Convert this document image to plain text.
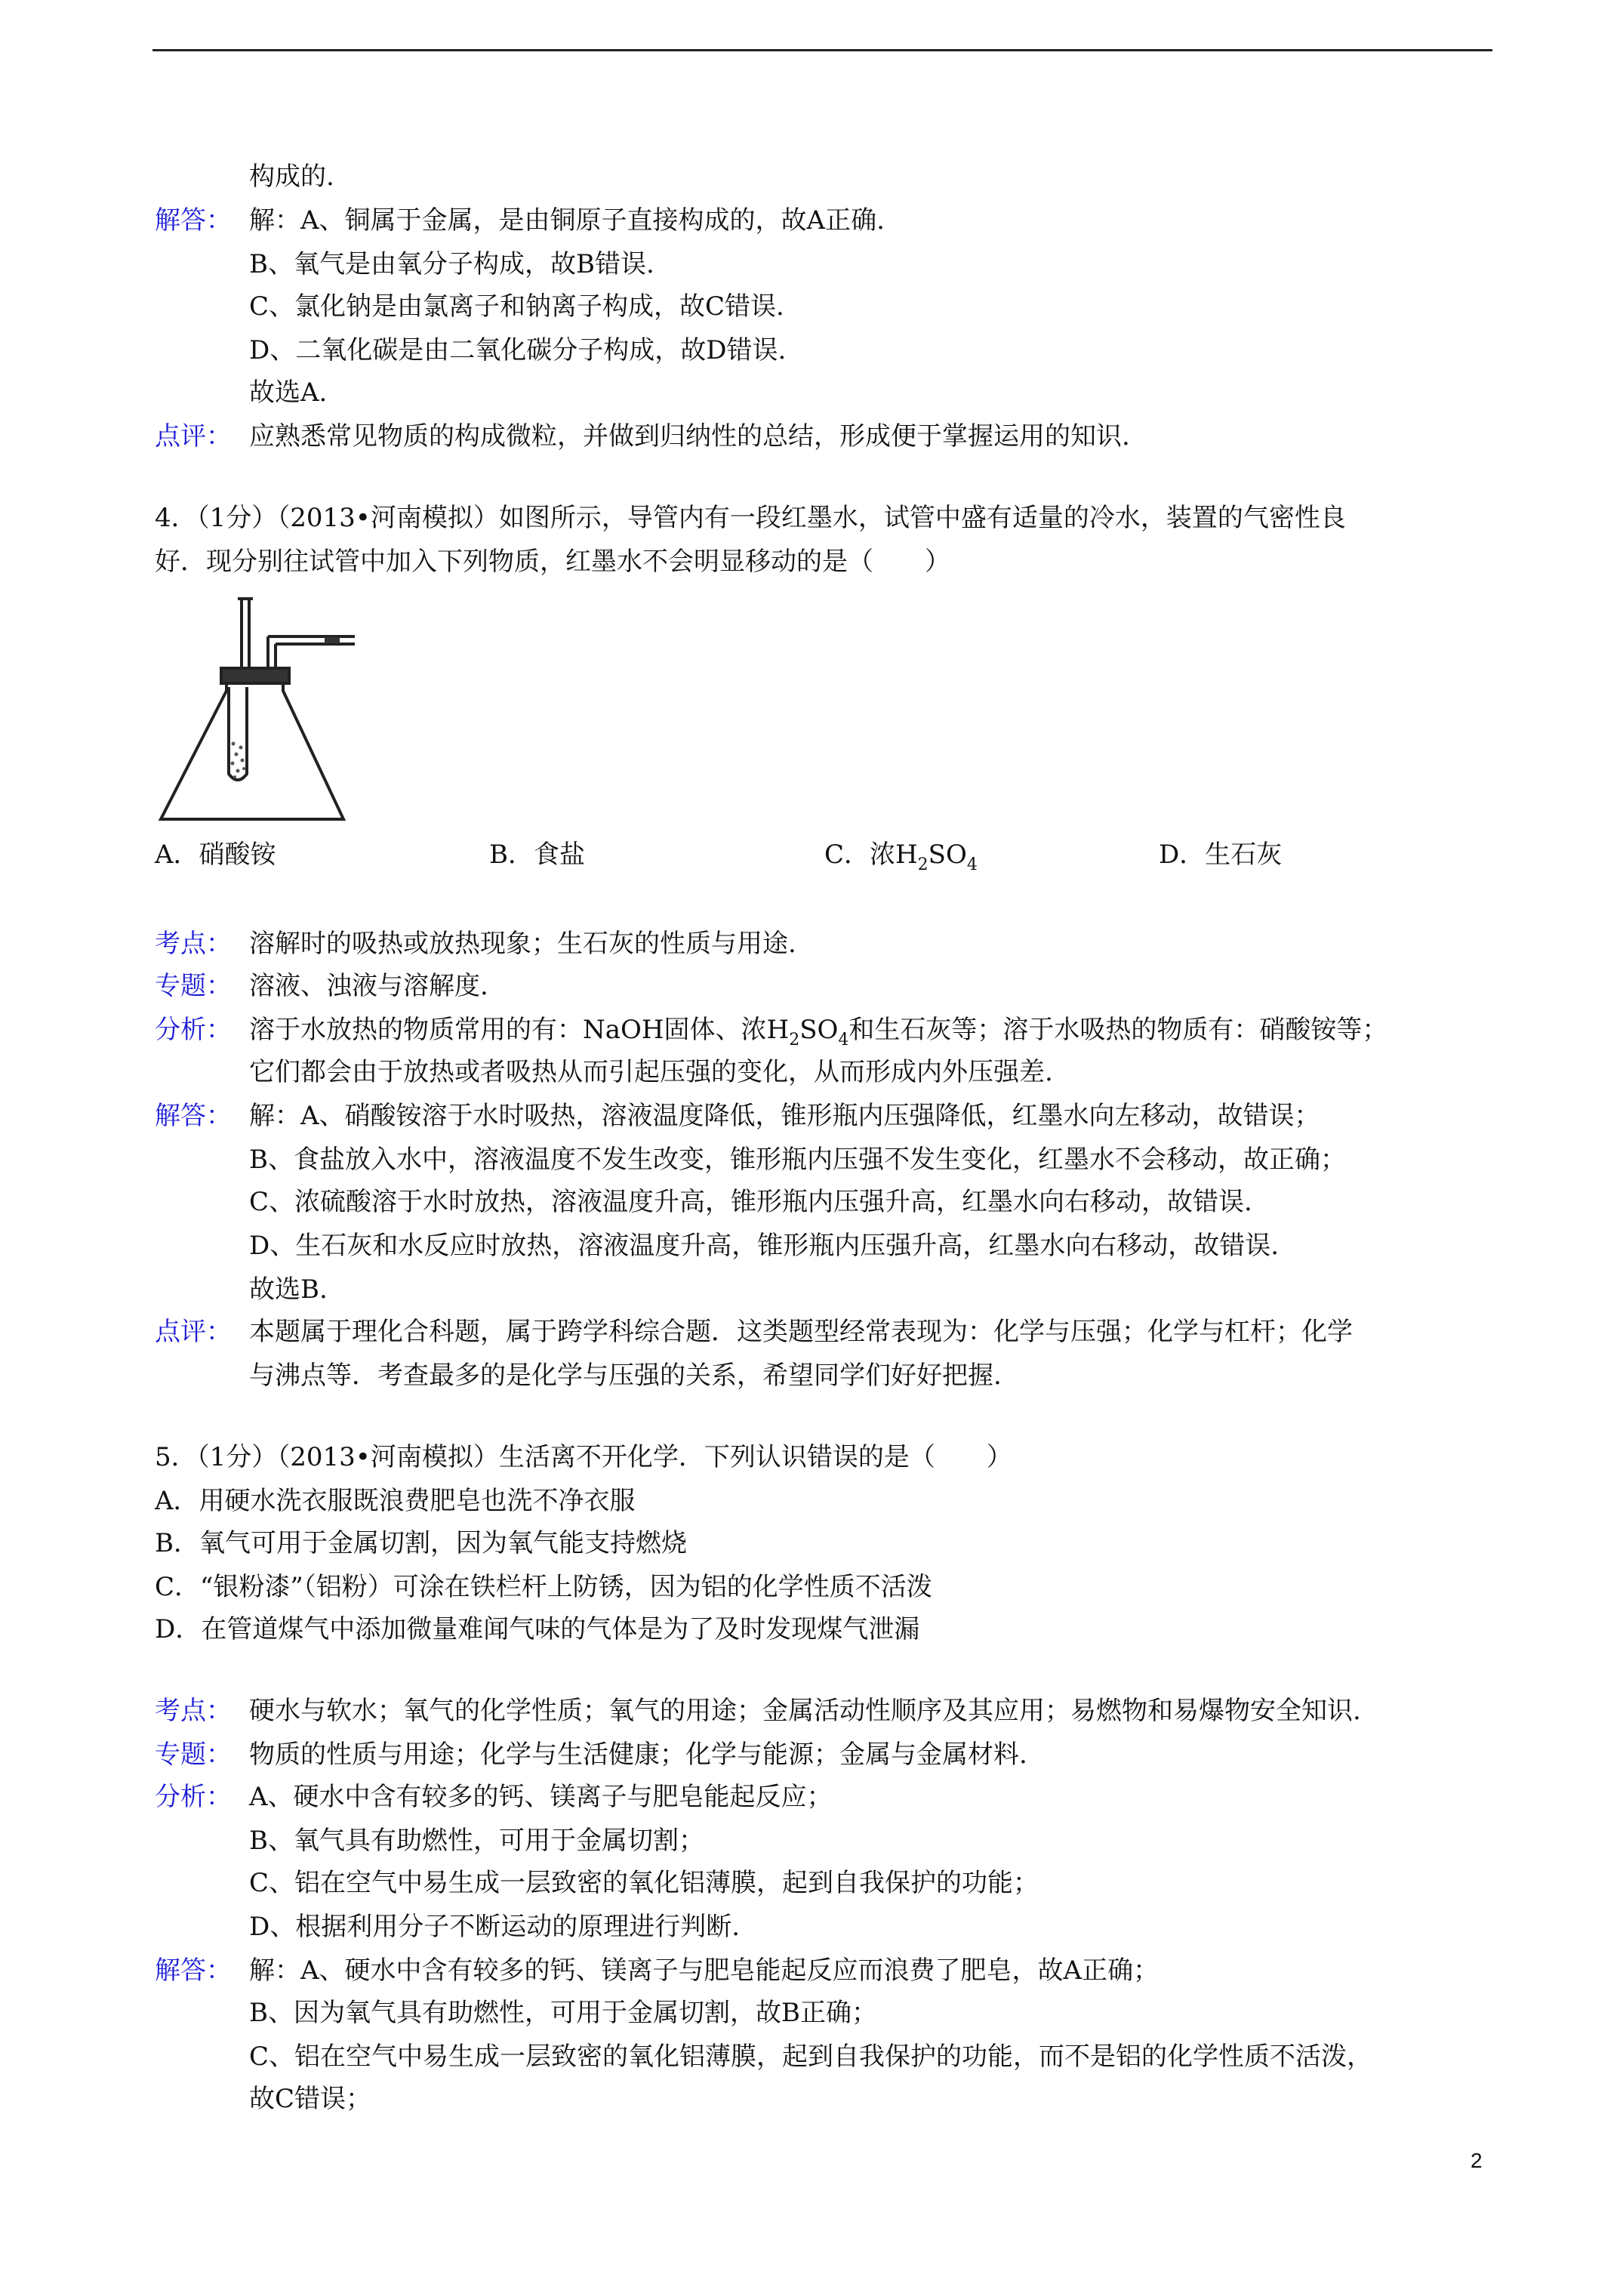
构成的.
解答： 解：A、铜属于金属，是由铜原子直接构成的，故A正确.
B、氧气是由氧分子构成，故B错误.
C、氯化钠是由氯离子和钠离子构成，故C错误.
D、二氧化碳是由二氧化碳分子构成，故D错误.
故选A.
点评： 应熟悉常见物质的构成微粒，并做到归纳性的总结，形成便于掌握运用的知识.
4．（1分）（2013•河南模拟）如图所示，导管内有一段红墨水，试管中盛有适量的冷水，装置的气密性良
好．现分别往试管中加入下列物质，红墨水不会明显移动的是（　　）
A．硝酸铵	B．食盐	C．浓$H_2SO_4$	D．生石灰
考点： 溶解时的吸热或放热现象；生石灰的性质与用途.
专题： 溶液、浊液与溶解度.
分析： 溶于水放热的物质常用的有：NaOH固体、浓$H_2SO_4$和生石灰等；溶于水吸热的物质有：硝酸铵等；
它们都会由于放热或者吸热从而引起压强的变化，从而形成内外压强差.
解答： 解：A、硝酸铵溶于水时吸热，溶液温度降低，锥形瓶内压强降低，红墨水向左移动，故错误；
B、食盐放入水中，溶液温度不发生改变，锥形瓶内压强不发生变化，红墨水不会移动，故正确；
C、浓硫酸溶于水时放热，溶液温度升高，锥形瓶内压强升高，红墨水向右移动，故错误.
D、生石灰和水反应时放热，溶液温度升高，锥形瓶内压强升高，红墨水向右移动，故错误.
故选B.
点评： 本题属于理化合科题，属于跨学科综合题．这类题型经常表现为：化学与压强；化学与杠杆；化学
与沸点等．考查最多的是化学与压强的关系，希望同学们好好把握.
5．（1分）（2013•河南模拟）生活离不开化学．下列认识错误的是（　　）
A．用硬水洗衣服既浪费肥皂也洗不净衣服
B．氧气可用于金属切割，因为氧气能支持燃烧
C．“银粉漆”（铝粉）可涂在铁栏杆上防锈，因为铝的化学性质不活泼
D．在管道煤气中添加微量难闻气味的气体是为了及时发现煤气泄漏
考点： 硬水与软水；氧气的化学性质；氧气的用途；金属活动性顺序及其应用；易燃物和易爆物安全知识.
专题： 物质的性质与用途；化学与生活健康；化学与能源；金属与金属材料.
分析： A、硬水中含有较多的钙、镁离子与肥皂能起反应；
B、氧气具有助燃性，可用于金属切割；
C、铝在空气中易生成一层致密的氧化铝薄膜，起到自我保护的功能；
D、根据利用分子不断运动的原理进行判断.
解答： 解：A、硬水中含有较多的钙、镁离子与肥皂能起反应而浪费了肥皂，故A正确；
B、因为氧气具有助燃性，可用于金属切割，故B正确；
C、铝在空气中易生成一层致密的氧化铝薄膜，起到自我保护的功能，而不是铝的化学性质不活泼，
故C错误；
2
